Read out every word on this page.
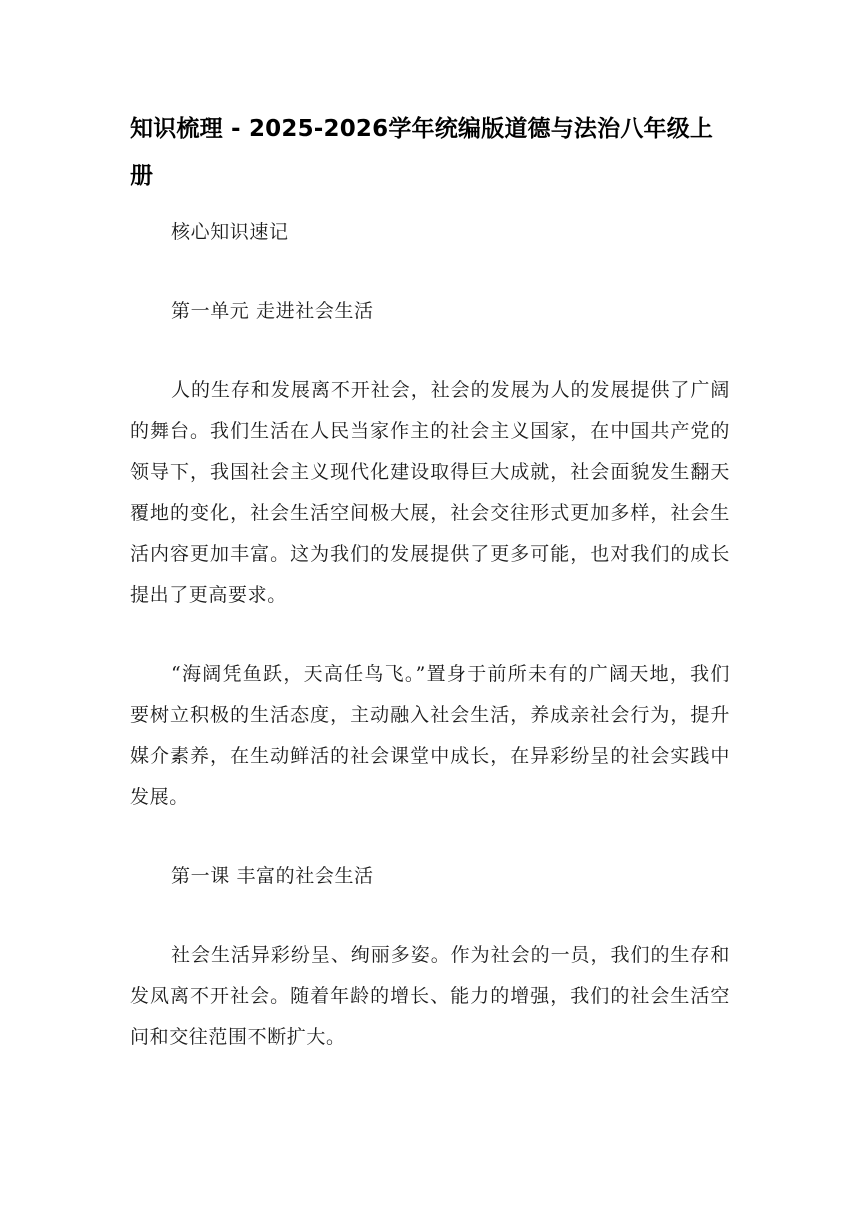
知识梳理 - 2025-2026学年统编版道德与法治八年级上册

核心知识速记

第一单元 走进社会生活

人的生存和发展离不开社会，社会的发展为人的发展提供了广阔的舞台。我们生活在人民当家作主的社会主义国家，在中国共产党的领导下，我国社会主义现代化建设取得巨大成就，社会面貌发生翻天覆地的变化，社会生活空间极大展，社会交往形式更加多样，社会生活内容更加丰富。这为我们的发展提供了更多可能，也对我们的成长提出了更高要求。

“海阔凭鱼跃，天高任鸟飞。”置身于前所未有的广阔天地，我们要树立积极的生活态度，主动融入社会生活，养成亲社会行为，提升媒介素养，在生动鲜活的社会课堂中成长，在异彩纷呈的社会实践中发展。

第一课 丰富的社会生活

社会生活异彩纷呈、绚丽多姿。作为社会的一员，我们的生存和发凤离不开社会。随着年龄的增长、能力的增强，我们的社会生活空问和交往范围不断扩大。
